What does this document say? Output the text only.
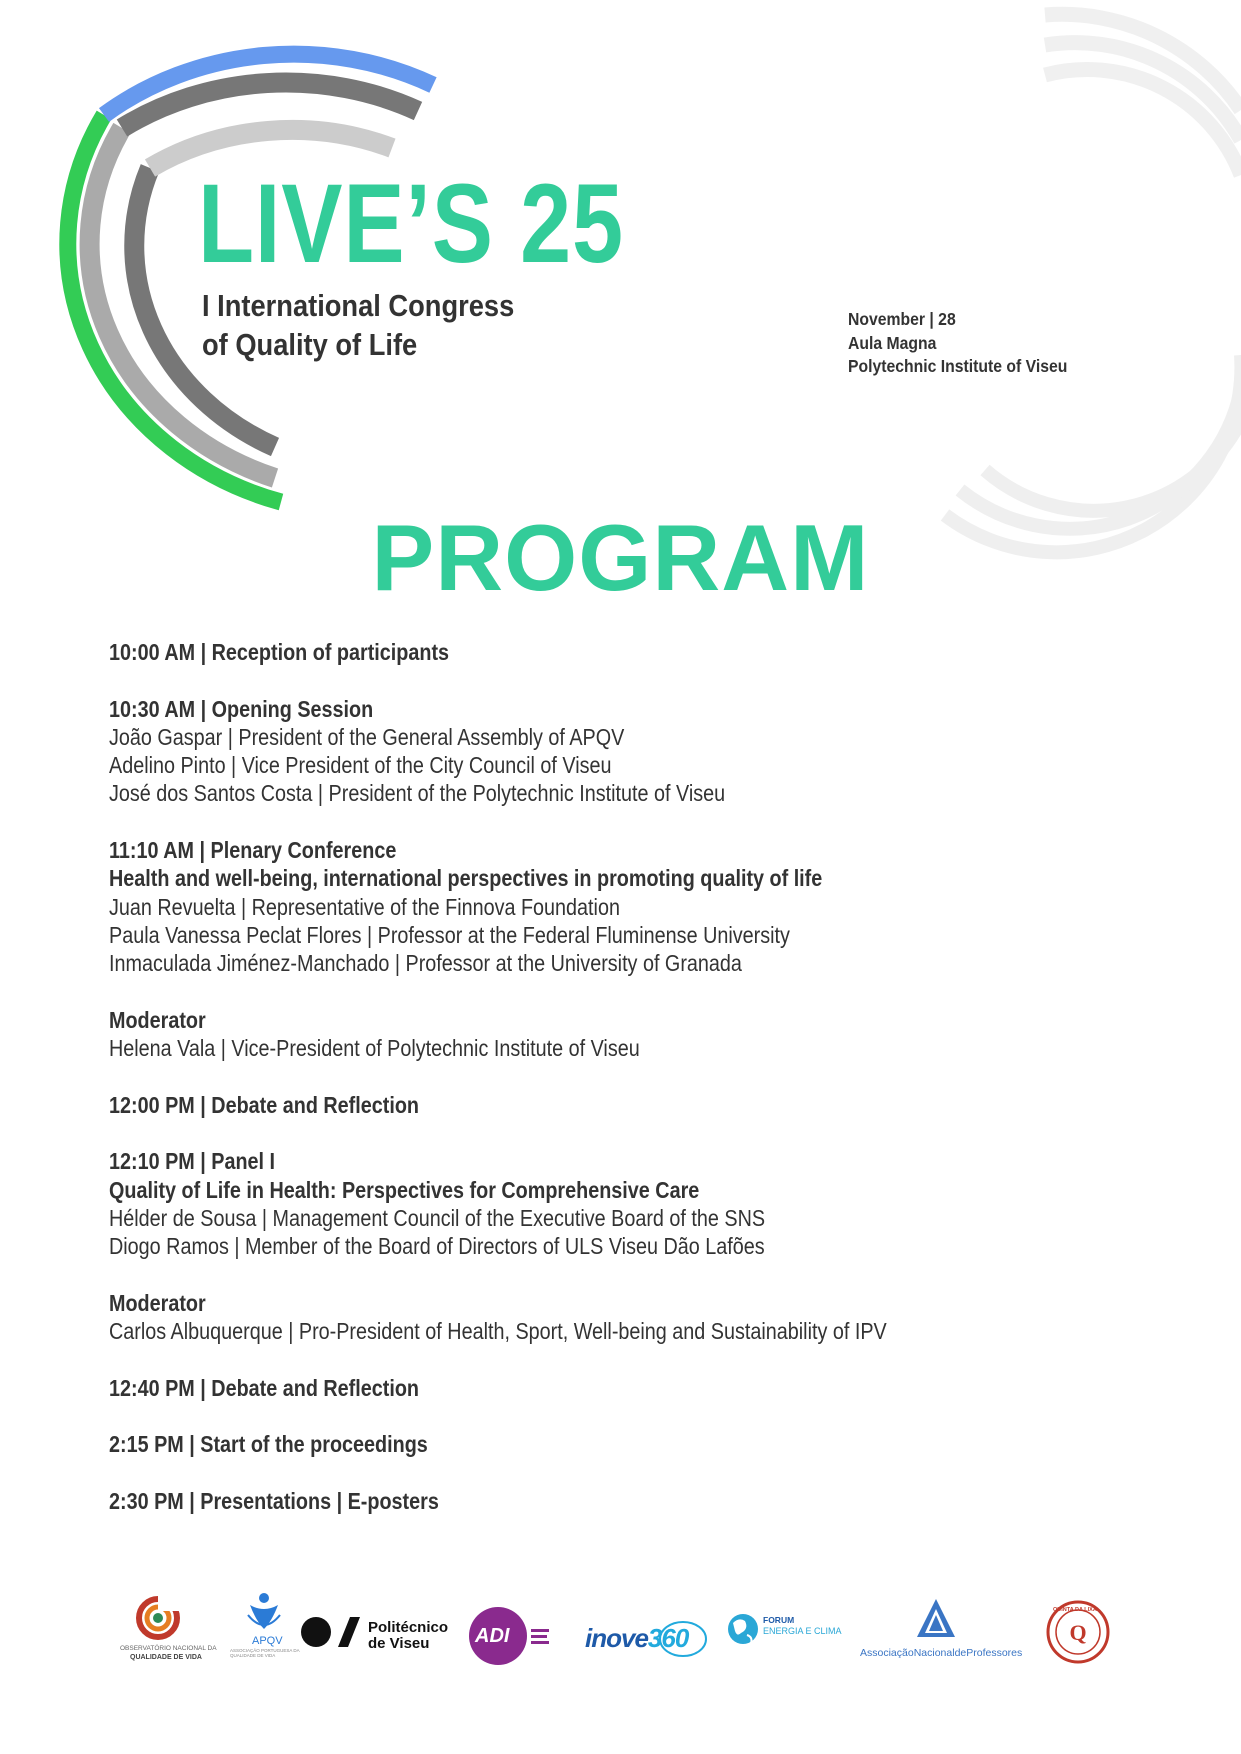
LIVE’S 25
I International Congress
of Quality of Life
November | 28
Aula Magna
Polytechnic Institute of Viseu
PROGRAM
10:00 AM | Reception of participants
10:30 AM | Opening Session
João Gaspar | President of the General Assembly of APQV
Adelino Pinto | Vice President of the City Council of Viseu
José dos Santos Costa | President of the Polytechnic Institute of Viseu
11:10 AM | Plenary Conference
Health and well-being, international perspectives in promoting quality of life
Juan Revuelta | Representative of the Finnova Foundation
Paula Vanessa Peclat Flores | Professor at the Federal Fluminense University
Inmaculada Jiménez-Manchado | Professor at the University of Granada
Moderator
Helena Vala | Vice-President of Polytechnic Institute of Viseu
12:00 PM | Debate and Reflection
12:10 PM | Panel I
Quality of Life in Health: Perspectives for Comprehensive Care
Hélder de Sousa | Management Council of the Executive Board of the SNS
Diogo Ramos | Member of the Board of Directors of ULS Viseu Dão Lafões
Moderator
Carlos Albuquerque | Pro-President of Health, Sport, Well-being and Sustainability of IPV
12:40 PM | Debate and Reflection
2:15 PM | Start of the proceedings
2:30 PM | Presentations | E-posters
OBSERVATÓRIO NACIONAL DA
QUALIDADE DE VIDA
APQV
ASSOCIAÇÃO PORTUGUESA DA QUALIDADE DE VIDA
Politécnico
de Viseu ADI	inove360
FORUM
ENERGIA E CLIMA
AssociaçãoNacionaldeProfessores
Q
QUINTA DA LIXA
